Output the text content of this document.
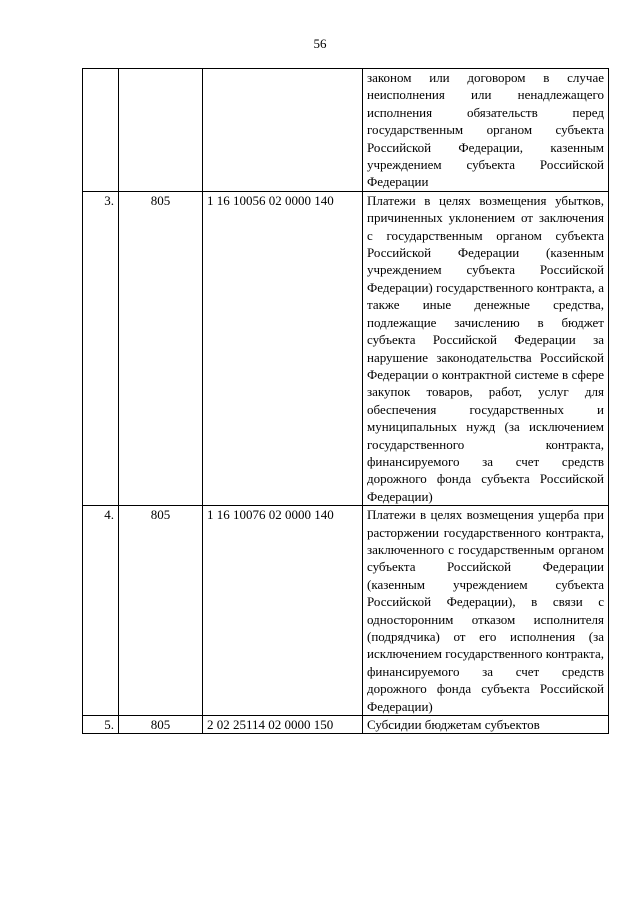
56
			законом или договором в случае неисполнения или ненадлежащего исполнения обязательств перед государственным органом субъекта Российской Федерации, казенным учреждением субъекта Российской Федерации
3.	805	1 16 10056 02 0000 140	Платежи в целях возмещения убытков, причиненных уклонением от заключения с государственным органом субъекта Российской Федерации (казенным учреждением субъекта Российской Федерации) государственного контракта, а также иные денежные средства, подлежащие зачислению в бюджет субъекта Российской Федерации за нарушение законодательства Российской Федерации о контрактной системе в сфере закупок товаров, работ, услуг для обеспечения государственных и муниципальных нужд (за исключением государственного контракта, финансируемого за счет средств дорожного фонда субъекта Российской Федерации)
4.	805	1 16 10076 02 0000 140	Платежи в целях возмещения ущерба при расторжении государственного контракта, заключенного с государственным органом субъекта Российской Федерации (казенным учреждением субъекта Российской Федерации), в связи с односторонним отказом исполнителя (подрядчика) от его исполнения (за исключением государственного контракта, финансируемого за счет средств дорожного фонда субъекта Российской Федерации)
5.	805	2 02 25114 02 0000 150	Субсидии бюджетам субъектов
